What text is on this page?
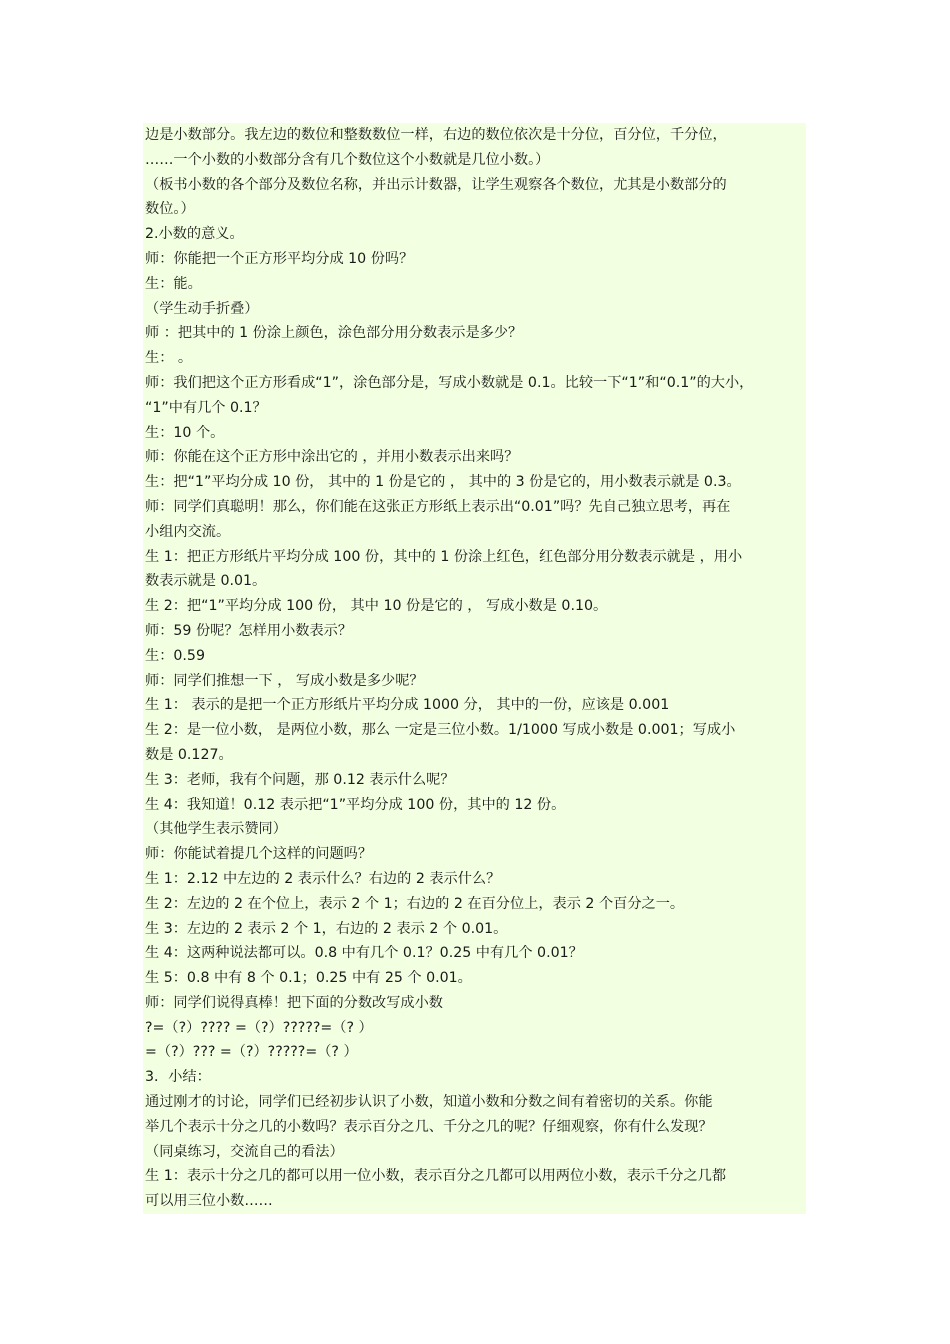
边是小数部分。我左边的数位和整数数位一样，右边的数位依次是十分位，百分位，千分位，
……一个小数的小数部分含有几个数位这个小数就是几位小数。）
（板书小数的各个部分及数位名称，并出示计数器，让学生观察各个数位，尤其是小数部分的
数位。）
2.小数的意义。
师：你能把一个正方形平均分成 10 份吗？
生：能。
（学生动手折叠）
师 ：把其中的 1 份涂上颜色，涂色部分用分数表示是多少？
生： 。
师：我们把这个正方形看成“1”，涂色部分是，写成小数就是 0.1。比较一下“1”和“0.1”的大小，
“1”中有几个 0.1？
生：10 个。
师：你能在这个正方形中涂出它的 ，并用小数表示出来吗？
生：把“1”平均分成 10 份， 其中的 1 份是它的 ， 其中的 3 份是它的，用小数表示就是 0.3。
师：同学们真聪明！那么，你们能在这张正方形纸上表示出“0.01”吗？先自己独立思考，再在
小组内交流。
生 1：把正方形纸片平均分成 100 份，其中的 1 份涂上红色，红色部分用分数表示就是 ，用小
数表示就是 0.01。
生 2：把“1”平均分成 100 份， 其中 10 份是它的 ， 写成小数是 0.10。
师：59 份呢？怎样用小数表示？
生：0.59
师：同学们推想一下 ， 写成小数是多少呢？
生 1： 表示的是把一个正方形纸片平均分成 1000 分， 其中的一份，应该是 0.001
生 2：是一位小数， 是两位小数，那么 一定是三位小数。1/1000 写成小数是 0.001；写成小
数是 0.127。
生 3：老师，我有个问题，那 0.12 表示什么呢？
生 4：我知道！0.12 表示把“1”平均分成 100 份，其中的 12 份。
（其他学生表示赞同）
师：你能试着提几个这样的问题吗？
生 1：2.12 中左边的 2 表示什么？右边的 2 表示什么？
生 2：左边的 2 在个位上，表示 2 个 1；右边的 2 在百分位上，表示 2 个百分之一。
生 3：左边的 2 表示 2 个 1，右边的 2 表示 2 个 0.01。
生 4：这两种说法都可以。0.8 中有几个 0.1？0.25 中有几个 0.01？
生 5：0.8 中有 8 个 0.1；0.25 中有 25 个 0.01。
师：同学们说得真棒！把下面的分数改写成小数
?=（?）???? =（?）?????=（? ）
=（?）??? =（?）?????=（? ）
3．小结：
通过刚才的讨论，同学们已经初步认识了小数，知道小数和分数之间有着密切的关系。你能
举几个表示十分之几的小数吗？表示百分之几、千分之几的呢？仔细观察，你有什么发现？
（同桌练习，交流自己的看法）
生 1：表示十分之几的都可以用一位小数，表示百分之几都可以用两位小数，表示千分之几都
可以用三位小数……
